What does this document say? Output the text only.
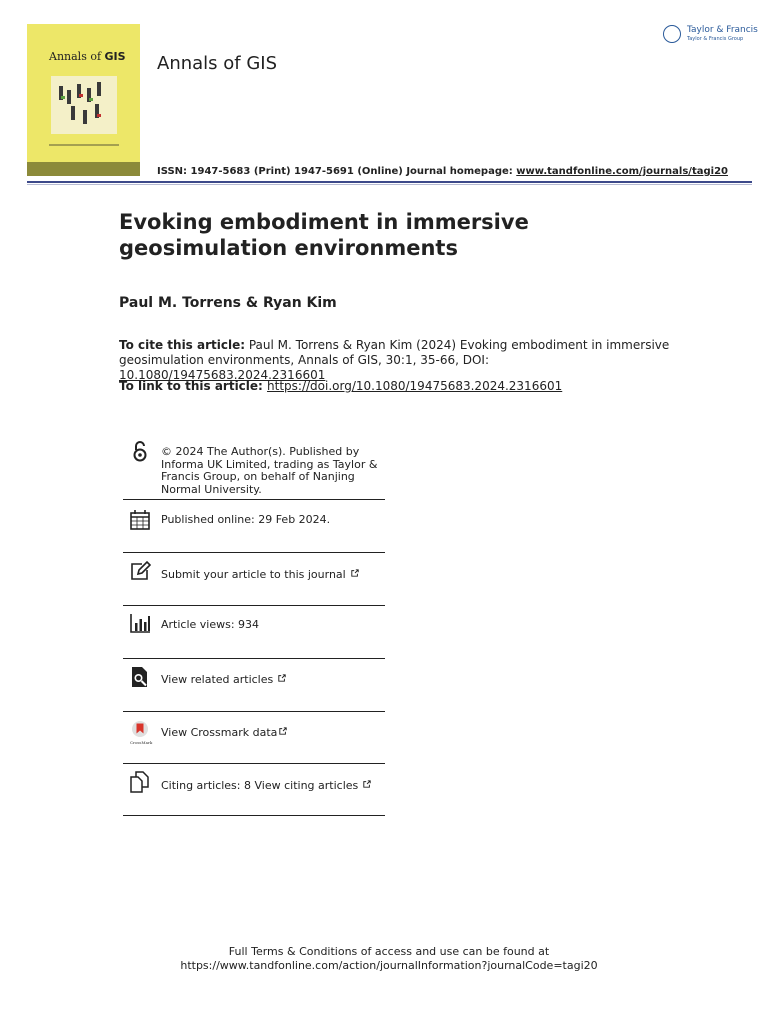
Annals of GIS Annals of GIS
Taylor & Francis
Taylor & Francis Group
ISSN: 1947-5683 (Print) 1947-5691 (Online) Journal homepage: www.tandfonline.com/journals/tagi20
Evoking embodiment in immersive geosimulation environments
Paul M. Torrens & Ryan Kim
To cite this article: Paul M. Torrens & Ryan Kim (2024) Evoking embodiment in immersive geosimulation environments, Annals of GIS, 30:1, 35-66, DOI: 10.1080/19475683.2024.2316601
To link to this article: https://doi.org/10.1080/19475683.2024.2316601
© 2024 The Author(s). Published by Informa UK Limited, trading as Taylor & Francis Group, on behalf of Nanjing Normal University.
Published online: 29 Feb 2024.
Submit your article to this journal
Article views: 934
View related articles
CrossMark
View Crossmark data
Citing articles: 8 View citing articles
Full Terms & Conditions of access and use can be found at
https://www.tandfonline.com/action/journalInformation?journalCode=tagi20
